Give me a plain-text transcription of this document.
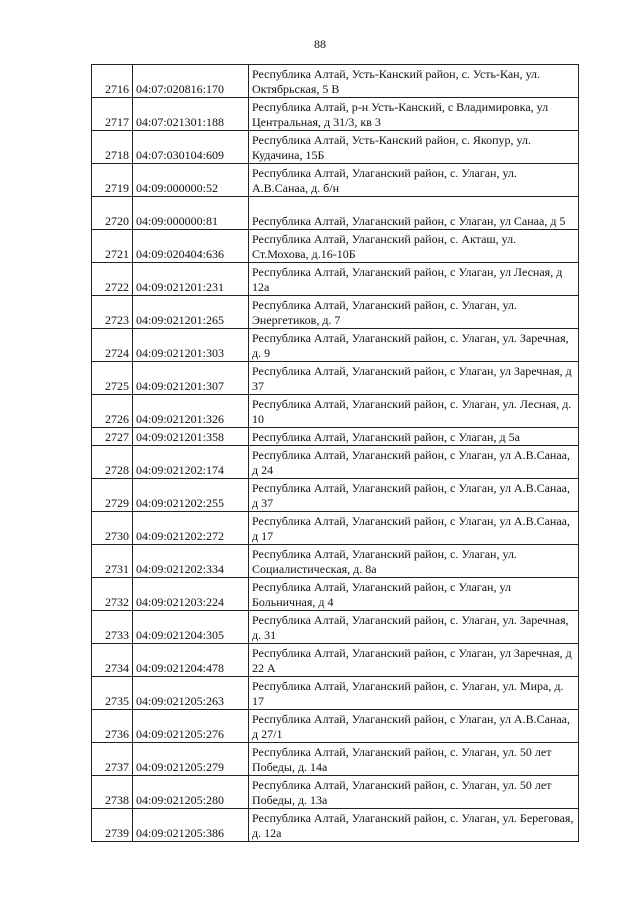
88
2716	04:07:020816:170	Республика Алтай, Усть-Канский район, с. Усть-Кан, ул. Октябрьская, 5 В
2717	04:07:021301:188	Республика Алтай, р-н Усть-Канский, с Владимировка, ул Центральная, д 31/3, кв 3
2718	04:07:030104:609	Республика Алтай, Усть-Канский район, с. Якопур, ул. Кудачина, 15Б
2719	04:09:000000:52	Республика Алтай, Улаганский район, с. Улаган, ул. А.В.Санаа, д. б/н
2720	04:09:000000:81	Республика Алтай, Улаганский район, с Улаган, ул Санаа, д 5
2721	04:09:020404:636	Республика Алтай, Улаганский район, с. Акташ, ул. Ст.Мохова, д.16-10Б
2722	04:09:021201:231	Республика Алтай, Улаганский район, с Улаган, ул Лесная, д 12а
2723	04:09:021201:265	Республика Алтай, Улаганский район, с. Улаган, ул. Энергетиков, д. 7
2724	04:09:021201:303	Республика Алтай, Улаганский район, с. Улаган, ул. Заречная, д. 9
2725	04:09:021201:307	Республика Алтай, Улаганский район, с Улаган, ул Заречная, д 37
2726	04:09:021201:326	Республика Алтай, Улаганский район, с. Улаган, ул. Лесная, д. 10
2727	04:09:021201:358	Республика Алтай, Улаганский район, с Улаган, д 5а
2728	04:09:021202:174	Республика Алтай, Улаганский район, с Улаган, ул А.В.Санаа, д 24
2729	04:09:021202:255	Республика Алтай, Улаганский район, с Улаган, ул А.В.Санаа, д 37
2730	04:09:021202:272	Республика Алтай, Улаганский район, с Улаган, ул А.В.Санаа, д 17
2731	04:09:021202:334	Республика Алтай, Улаганский район, с. Улаган, ул. Социалистическая, д. 8а
2732	04:09:021203:224	Республика Алтай, Улаганский район, с Улаган, ул Больничная, д 4
2733	04:09:021204:305	Республика Алтай, Улаганский район, с. Улаган, ул. Заречная, д. 31
2734	04:09:021204:478	Республика Алтай, Улаганский район, с Улаган, ул Заречная, д 22 А
2735	04:09:021205:263	Республика Алтай, Улаганский район, с. Улаган, ул. Мира, д. 17
2736	04:09:021205:276	Республика Алтай, Улаганский район, с Улаган, ул А.В.Санаа, д 27/1
2737	04:09:021205:279	Республика Алтай, Улаганский район, с. Улаган, ул. 50 лет Победы, д. 14а
2738	04:09:021205:280	Республика Алтай, Улаганский район, с. Улаган, ул. 50 лет Победы, д. 13а
2739	04:09:021205:386	Республика Алтай, Улаганский район, с. Улаган, ул. Береговая, д. 12а
